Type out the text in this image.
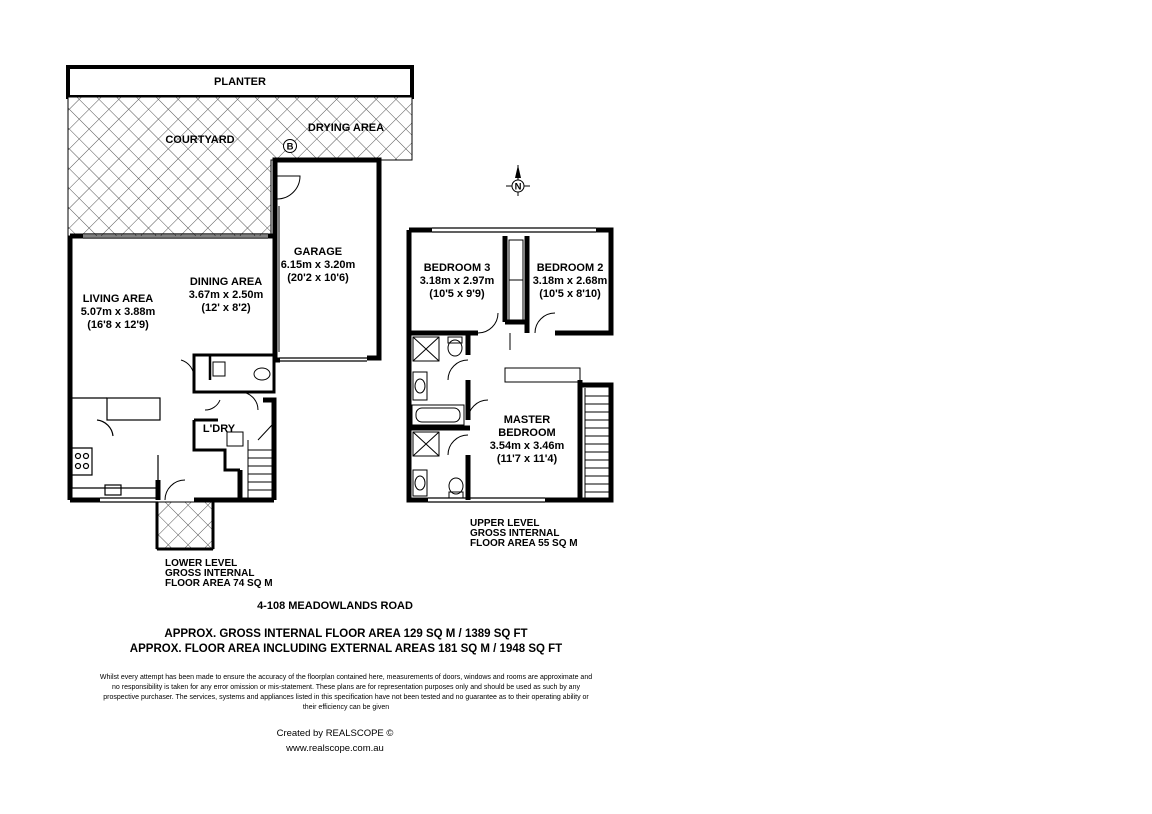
B
PLANTER
COURTYARD
DRYING AREA
GARAGE
6.15m x 3.20m
(20'2 x 10'6)
DINING AREA
3.67m x 2.50m
(12' x 8'2)
LIVING AREA
5.07m x 3.88m
(16'8 x 12'9)
L'DRY
N
BEDROOM 3
3.18m x 2.97m
(10'5 x 9'9)
BEDROOM 2
3.18m x 2.68m
(10'5 x 8'10)
MASTER
BEDROOM
3.54m x 3.46m
(11'7 x 11'4)
LOWER LEVEL
GROSS INTERNAL
FLOOR AREA 74 SQ M
UPPER LEVEL
GROSS INTERNAL
FLOOR AREA 55 SQ M
4-108 MEADOWLANDS ROAD
APPROX. GROSS INTERNAL FLOOR AREA 129 SQ M / 1389 SQ FT
APPROX. FLOOR AREA INCLUDING EXTERNAL AREAS 181 SQ M / 1948 SQ FT
Whilst every attempt has been made to ensure the accuracy of the floorplan contained here, measurements of doors, windows and rooms are approximate and no responsibility is taken for any error omission or mis-statement. These plans are for representation purposes only and should be used as such by any prospective purchaser. The services, systems and appliances listed in this specification have not been tested and no guarantee as to their operating ability or their efficiency can be given
Created by REALSCOPE ©
www.realscope.com.au
